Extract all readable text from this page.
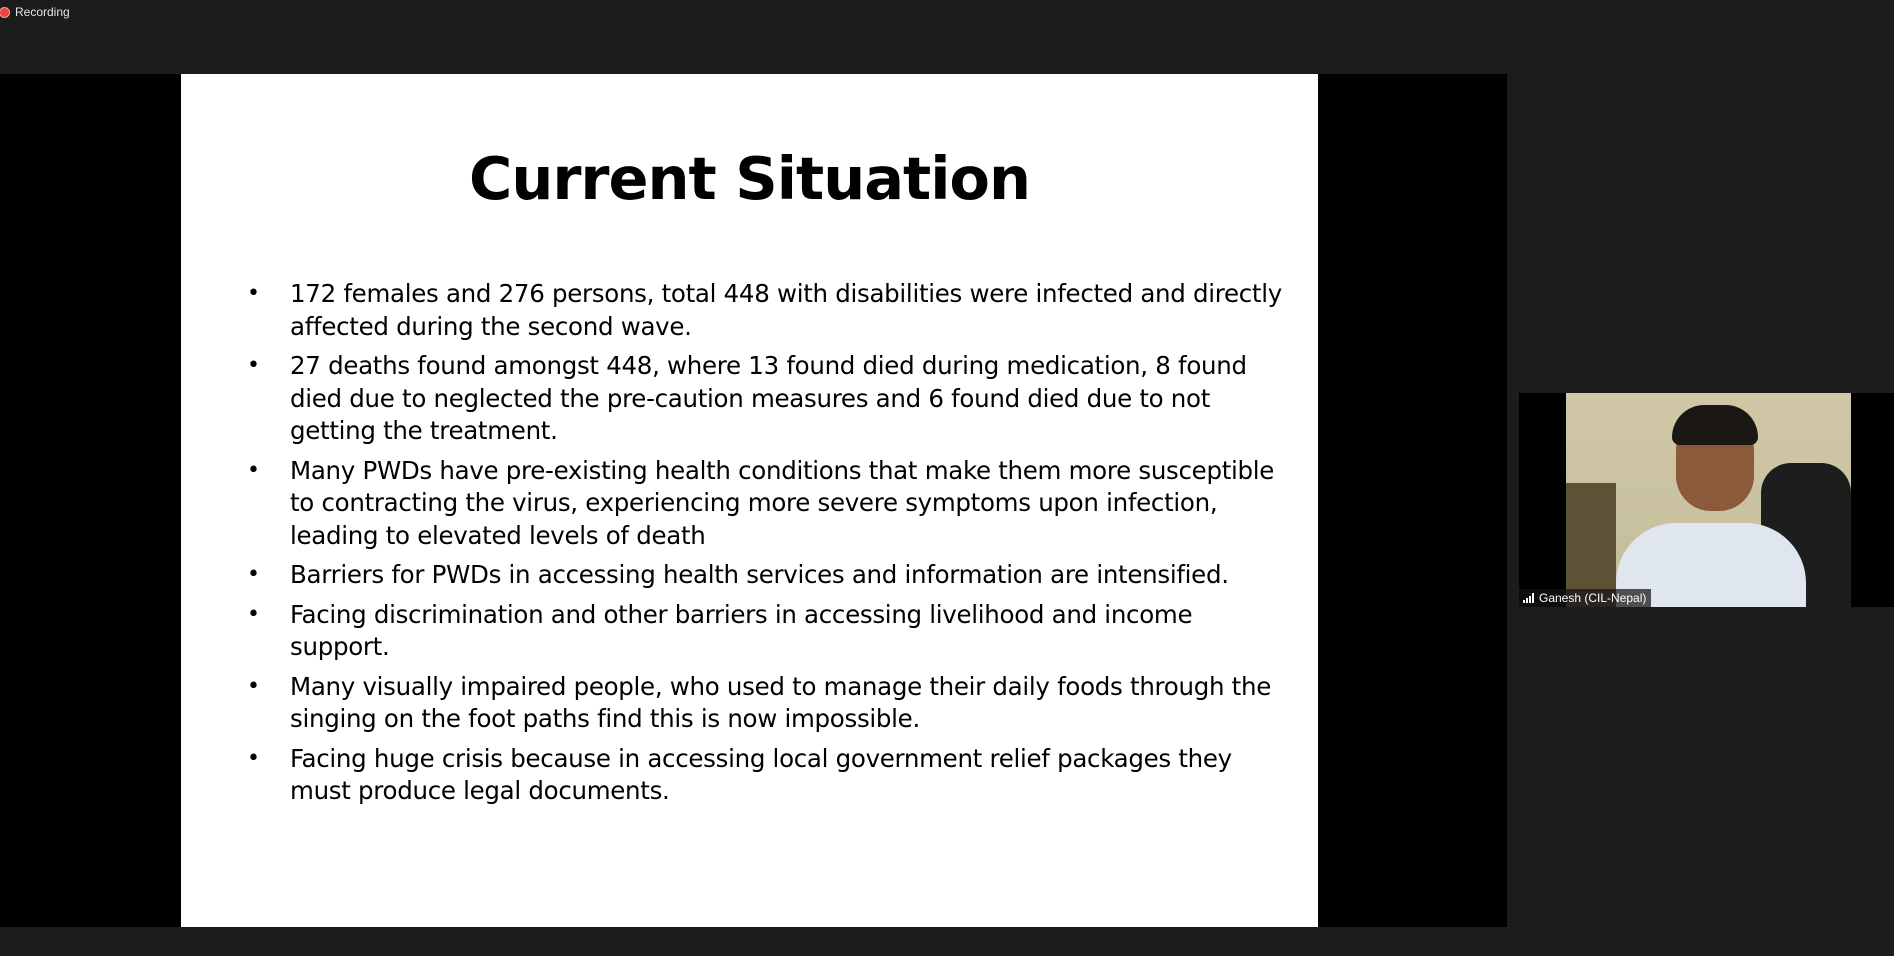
Recording
Current Situation
• 172 females and 276 persons, total 448 with disabilities were infected and directly affected during the second wave.
• 27 deaths found amongst 448, where 13 found died during medication, 8 found died due to neglected the pre-caution measures and 6 found died due to not getting the treatment.
• Many PWDs have pre-existing health conditions that make them more susceptible to contracting the virus, experiencing more severe symptoms upon infection, leading to elevated levels of death
• Barriers for PWDs in accessing health services and information are intensified.
• Facing discrimination and other barriers in accessing livelihood and income support.
• Many visually impaired people, who used to manage their daily foods through the singing on the foot paths find this is now impossible.
• Facing huge crisis because in accessing local government relief packages they must produce legal documents.
Ganesh (CIL-Nepal)
